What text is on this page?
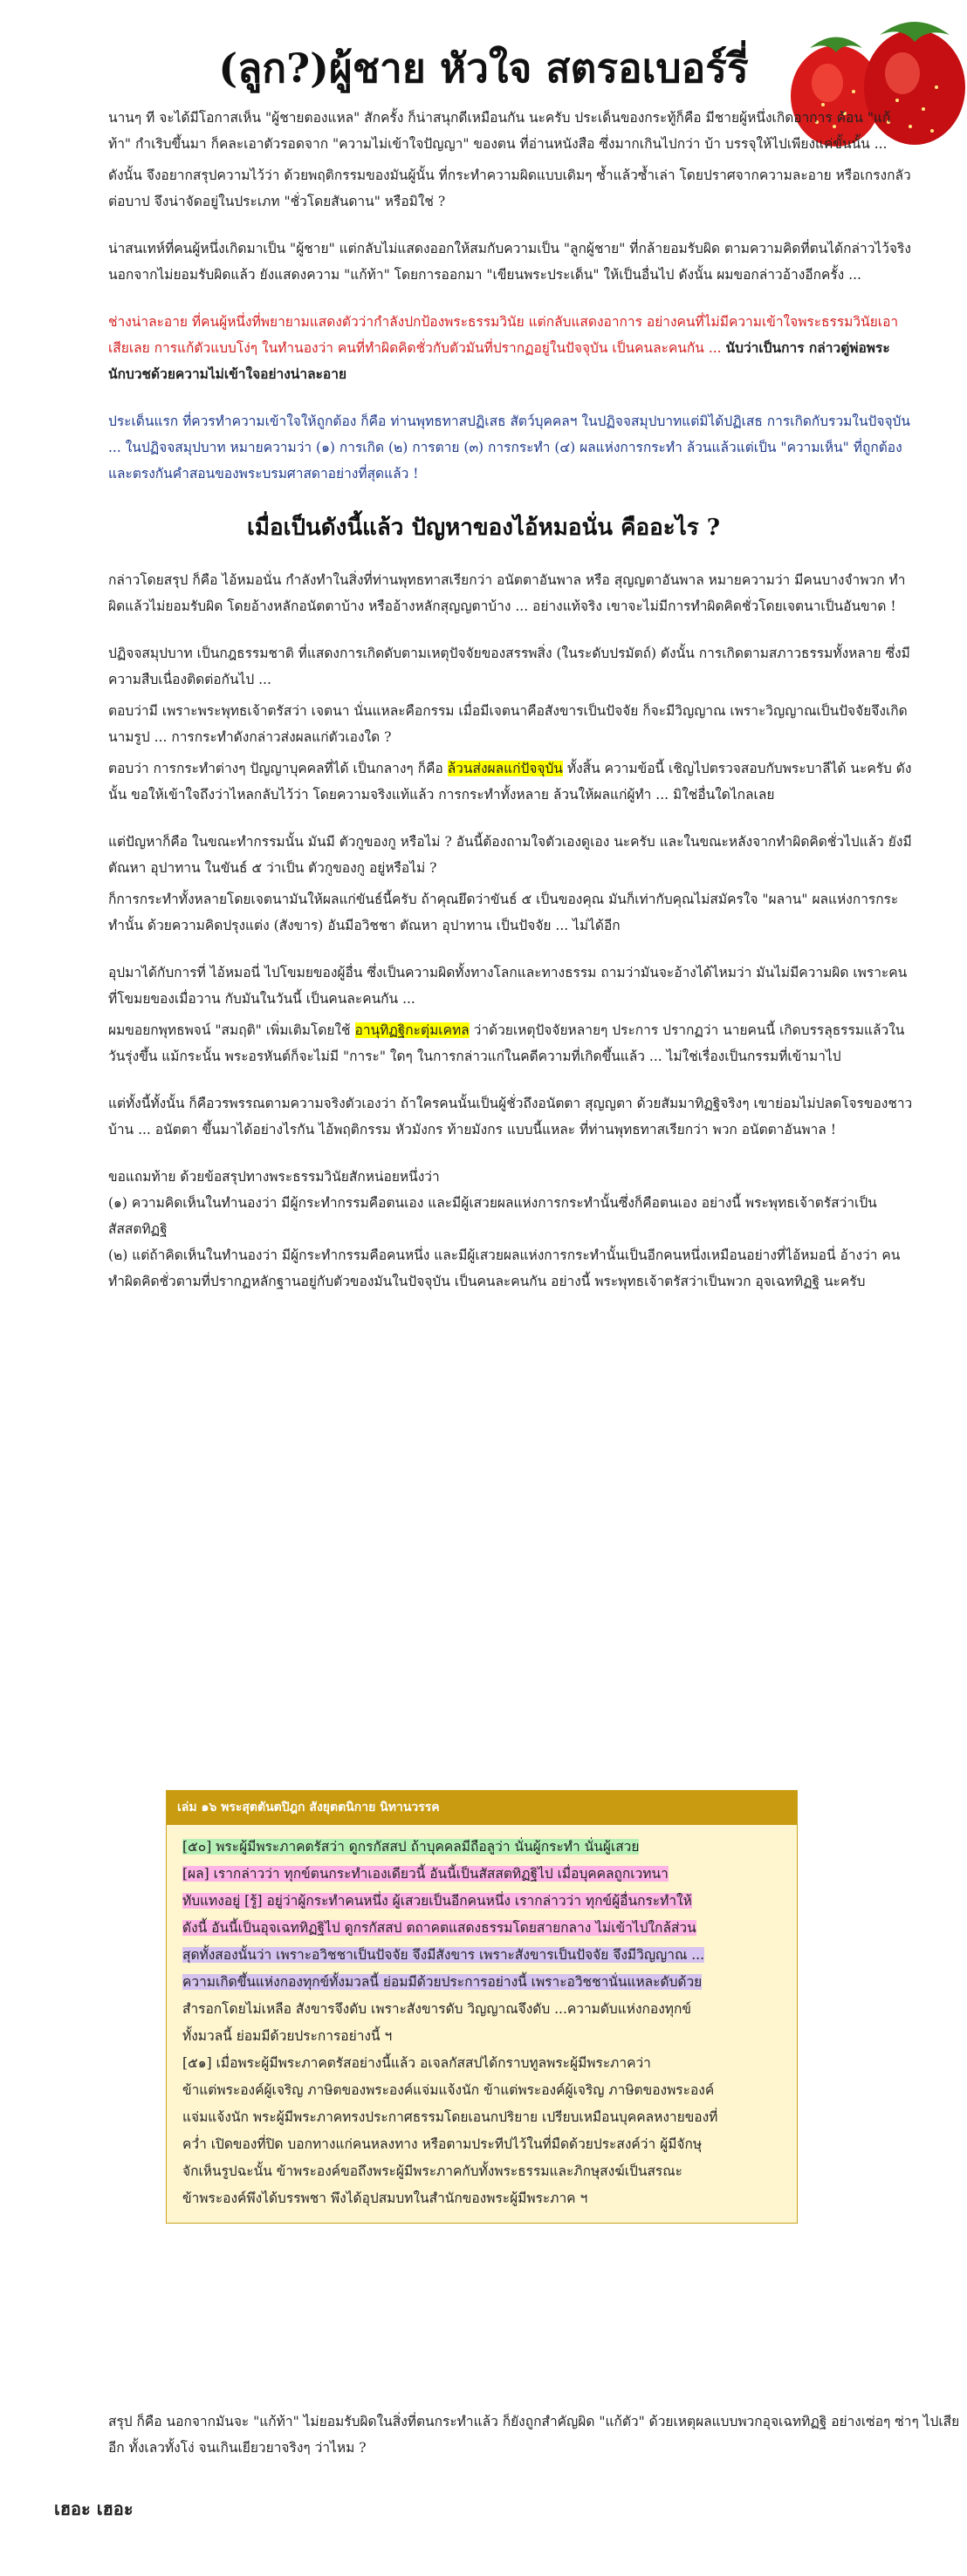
(ลูก?)ผู้ชาย หัวใจ สตรอเบอร์รี่

นานๆ ที จะได้มีโอกาสเห็น "ผู้ชายตองแหล" สักครั้ง ก็น่าสนุกดีเหมือนกัน นะครับ ประเด็นของกระทู้ก็คือ มีชายผู้หนึ่งเกิดอาการ ค้อน "แก้ท้า" กำเริบขึ้นมา ก็คละเอาตัวรอดจาก "ความไม่เข้าใจปัญญา" ของตน ที่อ่านหนังสือ ซึ่งมากเกินไปกว่า บ้า บรรจุให้ไปเพียงแค่ขั้นนั้น ...

ดังนั้น จึงอยากสรุปความไว้ว่า ด้วยพฤติกรรมของมันผู้นั้น ที่กระทำความผิดแบบเดิมๆ ซ้ำแล้วซ้ำเล่า โดยปราศจากความละอาย หรือเกรงกลัวต่อบาป จึงน่าจัดอยู่ในประเภท "ชั่วโดยสันดาน" หรือมิใช่ ?

น่าสนเทห์ที่คนผู้หนึ่งเกิดมาเป็น "ผู้ชาย" แต่กลับไม่แสดงออกให้สมกับความเป็น "ลูกผู้ชาย" ที่กล้ายอมรับผิด ตามความคิดที่ตนได้กล่าวไว้จริง นอกจากไม่ยอมรับผิดแล้ว ยังแสดงความ "แก้ท้า" โดยการออกมา "เขียนพระประเด็น" ให้เป็นอื่นไป ดังนั้น ผมขอกล่าวอ้างอีกครั้ง ...

ช่างน่าละอาย ที่คนผู้หนึ่งที่พยายามแสดงตัวว่ากำลังปกป้องพระธรรมวินัย แต่กลับแสดงอาการ อย่างคนที่ไม่มีความเข้าใจพระธรรมวินัยเอาเสียเลย การแก้ตัวแบบโง่ๆ ในทำนองว่า คนที่ทำผิดคิดชั่วกับตัวมันที่ปรากฏอยู่ในปัจจุบัน เป็นคนละคนกัน ... นับว่าเป็นการ กล่าวตู่พ่อพระนักบวชด้วยความไม่เข้าใจอย่างน่าละอาย

ประเด็นแรก ที่ควรทำความเข้าใจให้ถูกต้อง ก็คือ ท่านพุทธทาสปฏิเสธ สัตว์บุคคลฯ ในปฏิจจสมุปบาทแต่มิได้ปฏิเสธ การเกิดกับรวมในปัจจุบัน ... ในปฏิจจสมุปบาท หมายความว่า (๑) การเกิด (๒) การตาย (๓) การกระทำ (๔) ผลแห่งการกระทำ ล้วนแล้วแต่เป็น "ความเห็น" ที่ถูกต้องและตรงกันคำสอนของพระบรมศาสดาอย่างที่สุดแล้ว !

เมื่อเป็นดังนี้แล้ว ปัญหาของไอ้หมอนั่น คืออะไร ?

กล่าวโดยสรุป ก็คือ ไอ้หมอนั่น กำลังทำในสิ่งที่ท่านพุทธทาสเรียกว่า อนัตตาอันพาล หรือ สุญญตาอันพาล หมายความว่า มีคนบางจำพวก ทำผิดแล้วไม่ยอมรับผิด โดยอ้างหลักอนัตตาบ้าง หรืออ้างหลักสุญญตาบ้าง ... อย่างแท้จริง เขาจะไม่มีการทำผิดคิดชั่วโดยเจตนาเป็นอันขาด !

ปฏิจจสมุปบาท เป็นกฎธรรมชาติ ที่แสดงการเกิดดับตามเหตุปัจจัยของสรรพสิ่ง (ในระดับปรมัตถ์) ดังนั้น การเกิดตามสภาวธรรมทั้งหลาย ซึ่งมีความสืบเนื่องติดต่อกันไป ...

ตอบว่ามี เพราะพระพุทธเจ้าตรัสว่า เจตนา นั่นแหละคือกรรม เมื่อมีเจตนาคือสังขารเป็นปัจจัย ก็จะมีวิญญาณ เพราะวิญญาณเป็นปัจจัยจึงเกิด นามรูป ... การกระทำดังกล่าวส่งผลแก่ตัวเองใด ?

ตอบว่า การกระทำต่างๆ ปัญญาบุคคลที่ได้ เป็นกลางๆ ก็คือ ล้วนส่งผลแก่ปัจจุบัน ทั้งสิ้น ความข้อนี้ เชิญไปตรวจสอบกับพระบาลีได้ นะครับ ดังนั้น ขอให้เข้าใจถึงว่าไหลกลับไว้ว่า โดยความจริงแท้แล้ว การกระทำทั้งหลาย ล้วนให้ผลแก่ผู้ทำ ... มิใช่อื่นใดไกลเลย

แต่ปัญหาก็คือ ในขณะทำกรรมนั้น มันมี ตัวกูของกู หรือไม่ ? อันนี้ต้องถามใจตัวเองดูเอง นะครับ และในขณะหลังจากทำผิดคิดชั่วไปแล้ว ยังมี ตัณหา อุปาทาน ในขันธ์ ๕ ว่าเป็น ตัวกูของกู อยู่หรือไม่ ?

ก็การกระทำทั้งหลายโดยเจตนามันให้ผลแก่ขันธ์นี้ครับ ถ้าคุณยึดว่าขันธ์ ๕ เป็นของคุณ มันก็เท่ากับคุณไม่สมัครใจ "ผลาน" ผลแห่งการกระทำนั้น ด้วยความคิดปรุงแต่ง (สังขาร) อันมีอวิชชา ตัณหา อุปาทาน เป็นปัจจัย ... ไม่ได้อีก

อุปมาได้กับการที่ ไอ้หมอนี่ ไปโขมยของผู้อื่น ซึ่งเป็นความผิดทั้งทางโลกและทางธรรม ถามว่ามันจะอ้างได้ไหมว่า มันไม่มีความผิด เพราะคนที่โขมยของเมื่อวาน กับมันในวันนี้ เป็นคนละคนกัน ...

ผมขอยกพุทธพจน์ "สมฤติ" เพิ่มเติมโดยใช้ อานุทิฏฐิกะตุ่มเคทล ว่าด้วยเหตุปัจจัยหลายๆ ประการ ปรากฏว่า นายคนนี้ เกิดบรรลุธรรมแล้วในวันรุ่งขึ้น แม้กระนั้น พระอรหันต์ก็จะไม่มี "การะ" ใดๆ ในการกล่าวแก่ในคดีความที่เกิดขึ้นแล้ว ... ไม่ใช่เรื่องเป็นกรรมที่เข้ามาไป

แต่ทั้งนี้ทั้งนั้น ก็คือวรพรรณตามความจริงตัวเองว่า ถ้าใครคนนั้นเป็นผู้ชั่วถึงอนัตตา สุญญตา ด้วยสัมมาทิฏฐิจริงๆ เขาย่อมไม่ปลดโจรของชาวบ้าน ... อนัตตา ขึ้นมาได้อย่างไรกัน ไอ้พฤติกรรม หัวมังกร ท้ายมังกร แบบนี้แหละ ที่ท่านพุทธทาสเรียกว่า พวก อนัตตาอันพาล !

ขอแถมท้าย ด้วยข้อสรุปทางพระธรรมวินัยสักหน่อยหนึ่งว่า
(๑) ความคิดเห็นในทำนองว่า มีผู้กระทำกรรมคือตนเอง และมีผู้เสวยผลแห่งการกระทำนั้นซึ่งก็คือตนเอง อย่างนี้ พระพุทธเจ้าตรัสว่าเป็น สัสสตทิฏฐิ
(๒) แต่ถ้าคิดเห็นในทำนองว่า มีผู้กระทำกรรมคือคนหนึ่ง และมีผู้เสวยผลแห่งการกระทำนั้นเป็นอีกคนหนึ่งเหมือนอย่างที่ไอ้หมอนี่ อ้างว่า คนทำผิดคิดชั่วตามที่ปรากฏหลักฐานอยู่กับตัวของมันในปัจจุบัน เป็นคนละคนกัน อย่างนี้ พระพุทธเจ้าตรัสว่าเป็นพวก อุจเฉททิฏฐิ นะครับ
เล่ม ๑๖ พระสุตตันตปิฎก สังยุตตนิกาย นิทานวรรค
[๕๐] พระผู้มีพระภาคตรัสว่า ดูกรกัสสป ถ้าบุคคลมีถือลูว่า นั่นผู้กระทำ นั่นผู้เสวย
[ผล] เรากล่าวว่า ทุกข์ตนกระทำเองเดียวนี้ อันนี้เป็นสัสสตทิฏฐิไป เมื่อบุคคลถูกเวทนา
ทับแทงอยู่ [รู้] อยู่ว่าผู้กระทำคนหนึ่ง ผู้เสวยเป็นอีกคนหนึ่ง เรากล่าวว่า ทุกข์ผู้อื่นกระทำให้
ดังนี้ อันนี้เป็นอุจเฉททิฏฐิไป ดูกรกัสสป ตถาคตแสดงธรรมโดยสายกลาง ไม่เข้าไปใกล้ส่วน
สุดทั้งสองนั้นว่า เพราะอวิชชาเป็นปัจจัย จึงมีสังขาร เพราะสังขารเป็นปัจจัย จึงมีวิญญาณ ...
ความเกิดขึ้นแห่งกองทุกข์ทั้งมวลนี้ ย่อมมีด้วยประการอย่างนี้ เพราะอวิชชานั่นแหละดับด้วย
สำรอกโดยไม่เหลือ สังขารจึงดับ เพราะสังขารดับ วิญญาณจึงดับ ...ความดับแห่งกองทุกข์
ทั้งมวลนี้ ย่อมมีด้วยประการอย่างนี้ ฯ
[๕๑] เมื่อพระผู้มีพระภาคตรัสอย่างนี้แล้ว อเจลกัสสปได้กราบทูลพระผู้มีพระภาคว่า
ข้าแต่พระองค์ผู้เจริญ ภาษิตของพระองค์แจ่มแจ้งนัก ข้าแต่พระองค์ผู้เจริญ ภาษิตของพระองค์
แจ่มแจ้งนัก พระผู้มีพระภาคทรงประกาศธรรมโดยเอนกปริยาย เปรียบเหมือนบุคคลหงายของที่
คว่ำ เปิดของที่ปิด บอกทางแก่คนหลงทาง หรือตามประทีปไว้ในที่มืดด้วยประสงค์ว่า ผู้มีจักษุ
จักเห็นรูปฉะนั้น ข้าพระองค์ขอถึงพระผู้มีพระภาคกับทั้งพระธรรมและภิกษุสงฆ์เป็นสรณะ
ข้าพระองค์พึงได้บรรพชา พึงได้อุปสมบทในสำนักของพระผู้มีพระภาค ฯ

สรุป ก็คือ นอกจากมันจะ "แก้ท้า" ไม่ยอมรับผิดในสิ่งที่ตนกระทำแล้ว ก็ยังถูกสำคัญผิด "แก้ตัว" ด้วยเหตุผลแบบพวกอุจเฉททิฏฐิ อย่างเซ่อๆ ซ่าๆ ไปเสียอีก ทั้งเลวทั้งโง่ จนเกินเยียวยาจริงๆ ว่าไหม ?

เฮอะ เฮอะ
